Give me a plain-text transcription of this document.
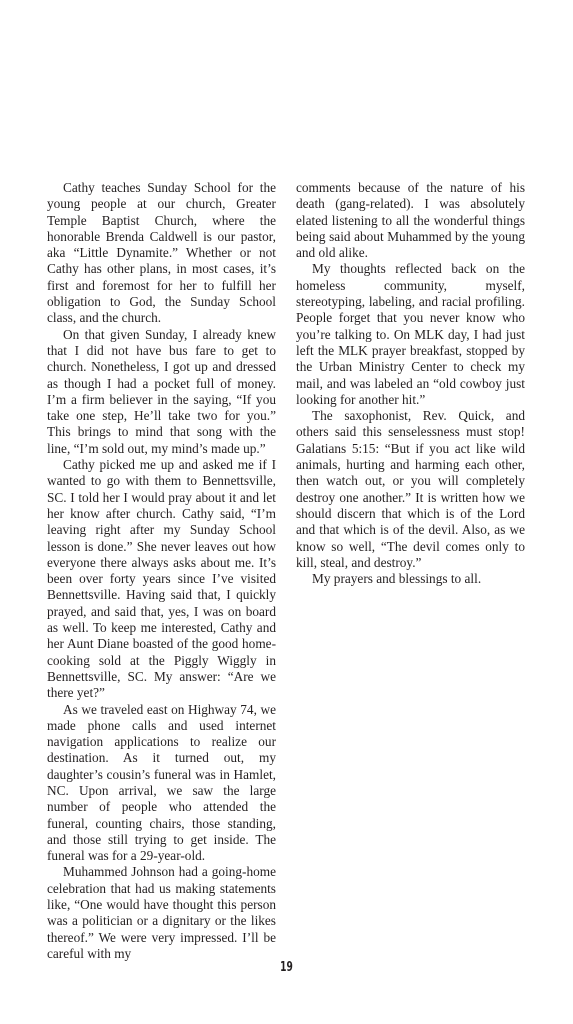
Cathy teaches Sunday School for the young people at our church, Greater Temple Baptist Church, where the honorable Brenda Caldwell is our pastor, aka “Little Dynamite.” Whether or not Cathy has other plans, in most cases, it’s first and foremost for her to fulfill her obligation to God, the Sunday School class, and the church.

On that given Sunday, I already knew that I did not have bus fare to get to church. Nonetheless, I got up and dressed as though I had a pocket full of money. I’m a firm believer in the saying, “If you take one step, He’ll take two for you.” This brings to mind that song with the line, “I’m sold out, my mind’s made up.”

Cathy picked me up and asked me if I wanted to go with them to Bennettsville, SC. I told her I would pray about it and let her know after church. Cathy said, “I’m leaving right after my Sunday School lesson is done.” She never leaves out how everyone there always asks about me. It’s been over forty years since I’ve visited Bennettsville. Having said that, I quickly prayed, and said that, yes, I was on board as well. To keep me interested, Cathy and her Aunt Diane boasted of the good home-cooking sold at the Piggly Wiggly in Bennettsville, SC. My answer: “Are we there yet?”

As we traveled east on Highway 74, we made phone calls and used internet navigation applications to realize our destination. As it turned out, my daughter’s cousin’s funeral was in Hamlet, NC. Upon arrival, we saw the large number of people who attended the funeral, counting chairs, those standing, and those still trying to get inside. The funeral was for a 29-year-old.

Muhammed Johnson had a going-home celebration that had us making statements like, “One would have thought this person was a politician or a dignitary or the likes thereof.” We were very impressed. I’ll be careful with my

comments because of the nature of his death (gang-related). I was absolutely elated listening to all the wonderful things being said about Muhammed by the young and old alike.

My thoughts reflected back on the homeless community, myself, stereotyping, labeling, and racial profiling. People forget that you never know who you’re talking to. On MLK day, I had just left the MLK prayer breakfast, stopped by the Urban Ministry Center to check my mail, and was labeled an “old cowboy just looking for another hit.”

The saxophonist, Rev. Quick, and others said this senselessness must stop! Galatians 5:15: “But if you act like wild animals, hurting and harming each other, then watch out, or you will completely destroy one another.” It is written how we should discern that which is of the Lord and that which is of the devil. Also, as we know so well, “The devil comes only to kill, steal, and destroy.”

My prayers and blessings to all.

19
